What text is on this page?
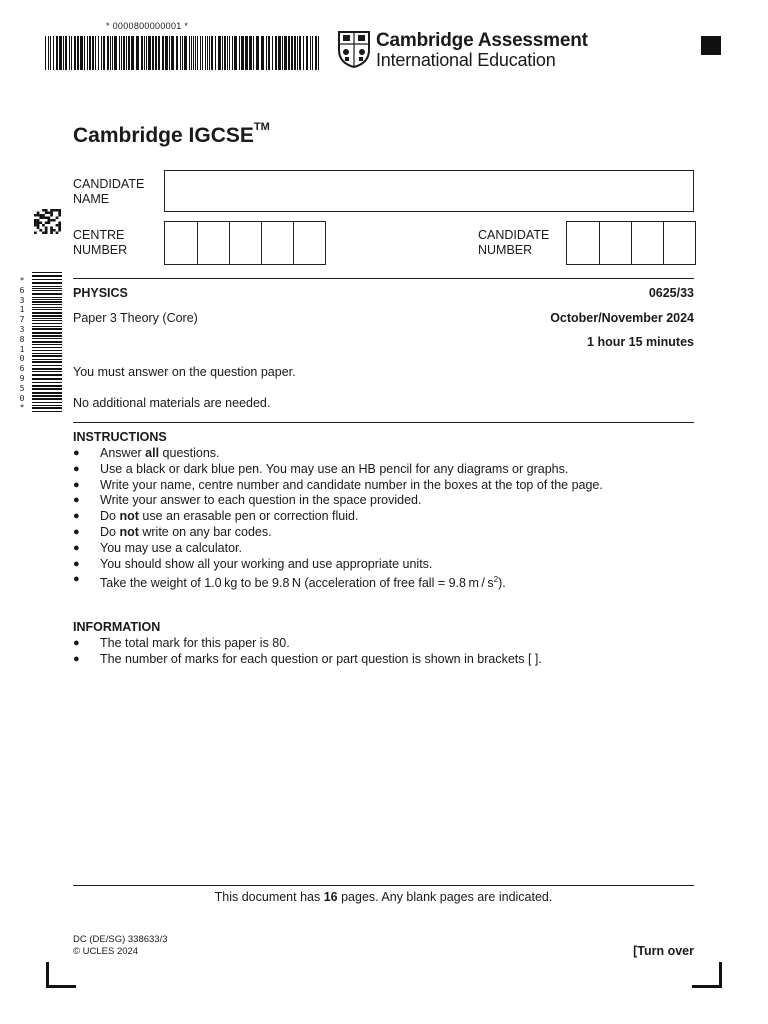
* 0000800000001 *
Cambridge Assessment
International Education
Cambridge IGCSE™
CANDIDATE
NAME
CENTRE
NUMBER
CANDIDATE
NUMBER
* 6 3 1 7 3 8 1 0 6 9 5 0 *
PHYSICS	0625/33
Paper 3 Theory (Core)	October/November 2024
1 hour 15 minutes
You must answer on the question paper.
No additional materials are needed.
INSTRUCTIONS
● Answer all questions.
● Use a black or dark blue pen. You may use an HB pencil for any diagrams or graphs.
● Write your name, centre number and candidate number in the boxes at the top of the page.
● Write your answer to each question in the space provided.
● Do not use an erasable pen or correction fluid.
● Do not write on any bar codes.
● You may use a calculator.
● You should show all your working and use appropriate units.
● Take the weight of 1.0 kg to be 9.8 N (acceleration of free fall = 9.8 m / $s^2$).
INFORMATION
● The total mark for this paper is 80.
● The number of marks for each question or part question is shown in brackets [ ].
This document has 16 pages. Any blank pages are indicated.
DC (DE/SG) 338633/3
© UCLES 2024	[Turn over
